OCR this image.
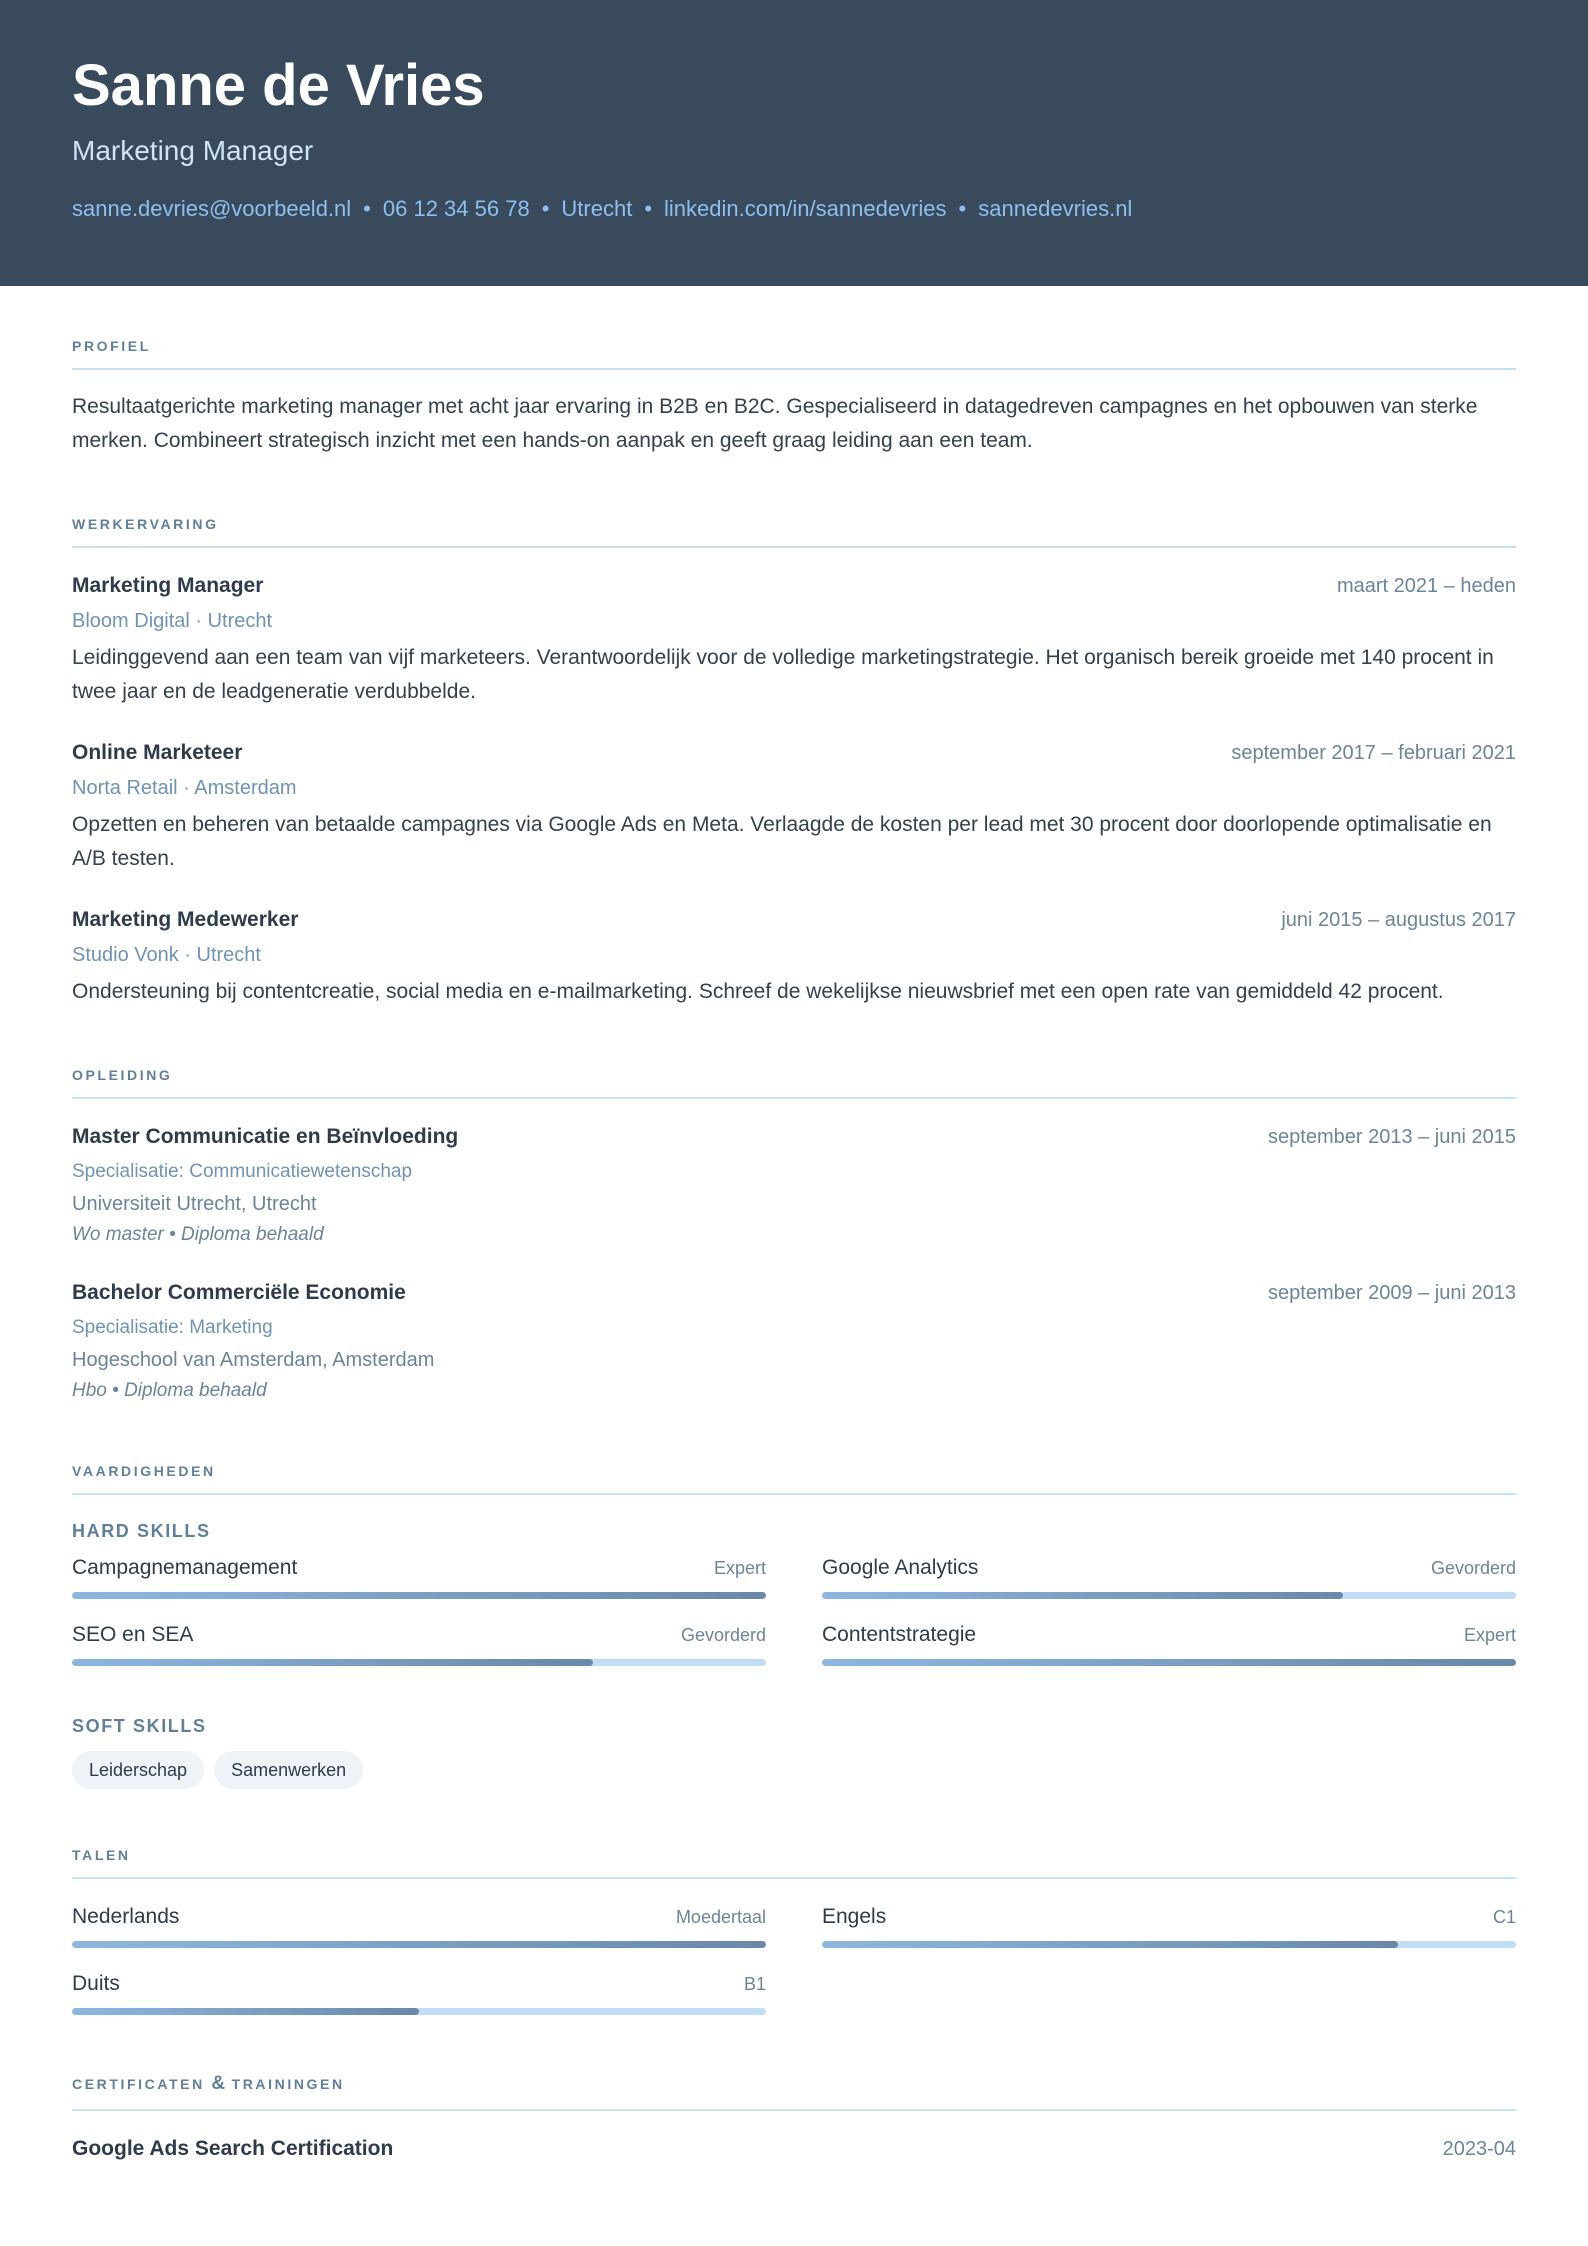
Sanne de Vries
Marketing Manager
sanne.devries@voorbeeld.nl • 06 12 34 56 78 • Utrecht • linkedin.com/in/sannedevries • sannedevries.nl
PROFIEL

Resultaatgerichte marketing manager met acht jaar ervaring in B2B en B2C. Gespecialiseerd in datagedreven campagnes en het opbouwen van sterke merken. Combineert strategisch inzicht met een hands-on aanpak en geeft graag leiding aan een team.

WERKERVARING
Marketing Manager	maart 2021 – heden
Bloom Digital · Utrecht
Leidinggevend aan een team van vijf marketeers. Verantwoordelijk voor de volledige marketingstrategie. Het organisch bereik groeide met 140 procent in twee jaar en de leadgeneratie verdubbelde.
Online Marketeer	september 2017 – februari 2021
Norta Retail · Amsterdam
Opzetten en beheren van betaalde campagnes via Google Ads en Meta. Verlaagde de kosten per lead met 30 procent door doorlopende optimalisatie en A/B testen.
Marketing Medewerker	juni 2015 – augustus 2017
Studio Vonk · Utrecht
Ondersteuning bij contentcreatie, social media en e-mailmarketing. Schreef de wekelijkse nieuwsbrief met een open rate van gemiddeld 42 procent.
OPLEIDING
Master Communicatie en Beïnvloeding	september 2013 – juni 2015
Specialisatie: Communicatiewetenschap
Universiteit Utrecht, Utrecht
Wo master • Diploma behaald
Bachelor Commerciële Economie	september 2009 – juni 2013
Specialisatie: Marketing
Hogeschool van Amsterdam, Amsterdam
Hbo • Diploma behaald
VAARDIGHEDEN
HARD SKILLS
Campagnemanagement	Expert	Google Analytics	Gevorderd
SEO en SEA	Gevorderd	Contentstrategie	Expert
SOFT SKILLS
Leiderschap	Samenwerken
TALEN
Nederlands	Moedertaal	Engels	C1
Duits	B1
CERTIFICATEN & TRAININGEN
Google Ads Search Certification	2023-04
